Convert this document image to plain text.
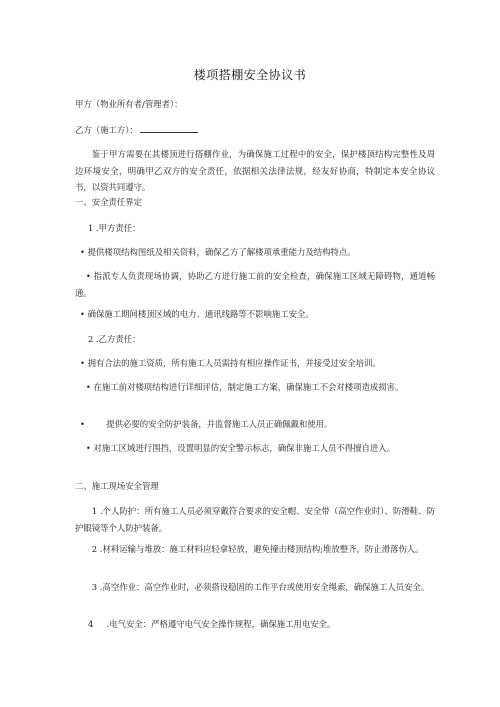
楼项搭棚安全协议书
甲方（物业所有者/管理者）：
乙方（施工方）：
鉴于甲方需要在其楼顶进行搭棚作业，为确保施工过程中的安全，保护楼顶结构完整性及周边环境安全，明确甲乙双方的安全责任，依据相关法律法规，经友好协商，特制定本安全协议书，以资共同遵守。
一、安全责任界定
1 .甲方责任：
• 提供楼项结构图纸及相关资料，确保乙方了解楼项承重能力及结构特点。
• 指派专人负责现场协调，协助乙方进行施工前的安全检查，确保施工区域无障碍物，通道畅通。
• 确保施工期间楼顶区域的电力、通讯线路等不影响施工安全。
2 .乙方责任：
• 拥有合法的施工资质，所有施工人员需持有相应操作证书，并接受过安全培训。
• 在施工前对楼项结构进行详细评估，制定施工方案，确保施工不会对楼项造成损害。
•        提供必要的安全防护装备，并监督施工人员正确佩戴和使用。
• 对施工区域进行围挡，设置明显的安全警示标志，确保非施工人员不得擅自进入。
二、施工现场安全管理
1 .个人防护：所有施工人员必须穿戴符合要求的安全帽、安全带（高空作业时）、防滑鞋、防护眼镜等个人防护装备。
2 .材料运输与堆放：施工材料应轻拿轻放，避免撞击楼顶结构;堆放整齐，防止滑落伤人。
3 .高空作业：高空作业时，必须搭设稳固的工作平台或使用安全绳索，确保施工人员安全。
4     .电气安全：严格遵守电气安全操作规程，确保施工用电安全。
